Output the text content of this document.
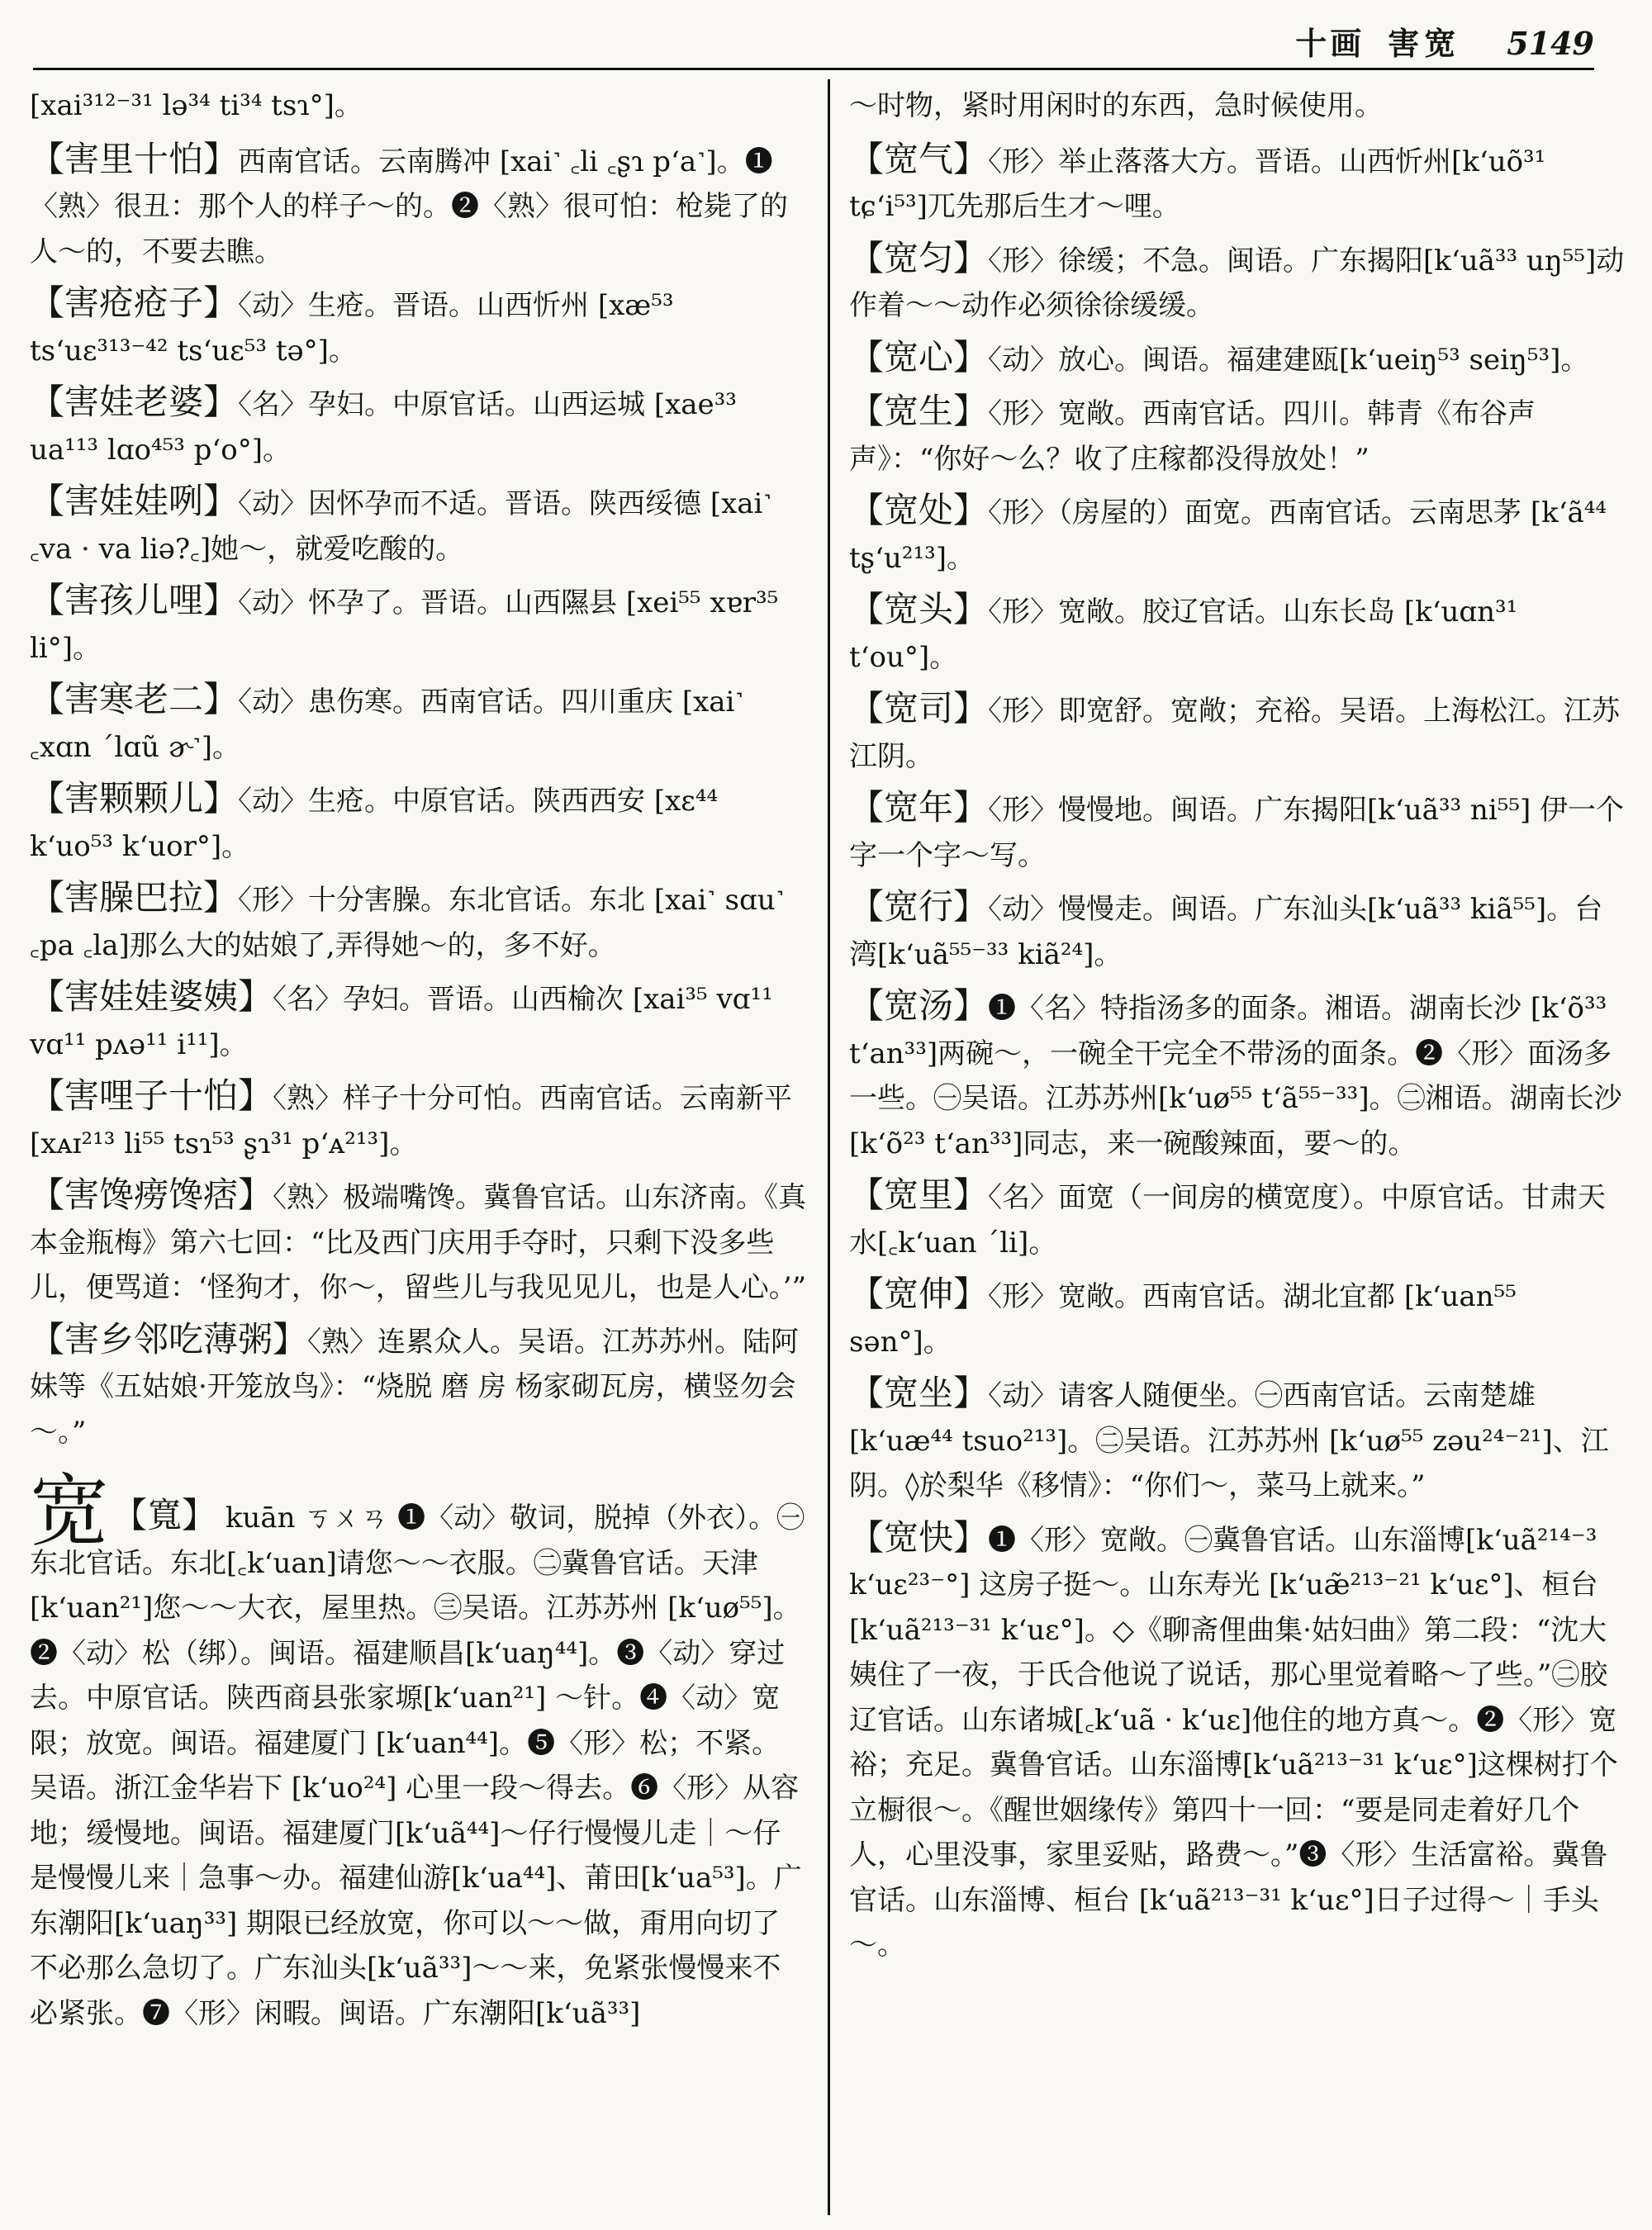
十画 害宽 5149
[xai³¹²⁻³¹ lə³⁴ ti³⁴ tsɿ°]。
【害里十怕】西南官话。云南腾冲 [xai˺ ꜀li ꜀ʂɿ p‘a˺]。❶〈熟〉很丑：那个人的样子～的。❷〈熟〉很可怕：枪毙了的人～的，不要去瞧。
【害疮疮子】〈动〉生疮。晋语。山西忻州 [xæ⁵³ ts‘uɛ³¹³⁻⁴² ts‘uɛ⁵³ tə°]。
【害娃老婆】〈名〉孕妇。中原官话。山西运城 [xae³³ ua¹¹³ lɑo⁴⁵³ p‘o°]。
【害娃娃咧】〈动〉因怀孕而不适。晋语。陕西绥德 [xai˺ ꜀va · va liə?꜀]她～，就爱吃酸的。
【害孩儿哩】〈动〉怀孕了。晋语。山西隰县 [xei⁵⁵ xɐr³⁵ li°]。
【害寒老二】〈动〉患伤寒。西南官话。四川重庆 [xai˺ ꜀xɑn ˊlɑũ ɚ˺]。
【害颗颗儿】〈动〉生疮。中原官话。陕西西安 [xɛ⁴⁴ k‘uo⁵³ k‘uor°]。
【害臊巴拉】〈形〉十分害臊。东北官话。东北 [xai˺ sɑu˺ ꜀pa ꜀la]那么大的姑娘了,弄得她～的，多不好。
【害娃娃婆姨】〈名〉孕妇。晋语。山西榆次 [xai³⁵ vɑ¹¹ vɑ¹¹ pʌə¹¹ i¹¹]。
【害哩子十怕】〈熟〉样子十分可怕。西南官话。云南新平[xᴀɪ²¹³ li⁵⁵ tsɿ⁵³ ʂɿ³¹ p‘ᴀ²¹³]。
【害馋痨馋痞】〈熟〉极端嘴馋。冀鲁官话。山东济南。《真本金瓶梅》第六七回：“比及西门庆用手夺时，只剩下没多些儿，便骂道：‘怪狗才，你～，留些儿与我见见儿，也是人心。’”
【害乡邻吃薄粥】〈熟〉连累众人。吴语。江苏苏州。陆阿妹等《五姑娘·开笼放鸟》：“烧脱 磨 房 杨家砌瓦房，横竖勿会～。”
宽【寬】 kuān ㄎㄨㄢ ❶〈动〉敬词，脱掉（外衣）。㊀东北官话。东北[꜀k‘uan]请您～～衣服。㊁冀鲁官话。天津[k‘uan²¹]您～～大衣，屋里热。㊂吴语。江苏苏州 [k‘uø⁵⁵]。❷〈动〉松（绑）。闽语。福建顺昌[k‘uaŋ⁴⁴]。❸〈动〉穿过去。中原官话。陕西商县张家塬[k‘uan²¹] ～针。❹〈动〉宽限；放宽。闽语。福建厦门 [k‘uan⁴⁴]。❺〈形〉松；不紧。吴语。浙江金华岩下 [k‘uo²⁴] 心里一段～得去。❻〈形〉从容地；缓慢地。闽语。福建厦门[k‘uã⁴⁴]～仔行慢慢儿走｜～仔是慢慢儿来｜急事～办。福建仙游[k‘ua⁴⁴]、莆田[k‘ua⁵³]。广东潮阳[k‘uaŋ³³] 期限已经放宽，你可以～～做，甭用向切了不必那么急切了。广东汕头[k‘uã³³]～～来，免紧张慢慢来不必紧张。❼〈形〉闲暇。闽语。广东潮阳[k‘uã³³]
～时物，紧时用闲时的东西，急时候使用。
【宽气】〈形〉举止落落大方。晋语。山西忻州[k‘uõ³¹ tɕ‘i⁵³]兀先那后生才～哩。
【宽匀】〈形〉徐缓；不急。闽语。广东揭阳[k‘uã³³ uŋ⁵⁵]动作着～～动作必须徐徐缓缓。
【宽心】〈动〉放心。闽语。福建建瓯[k‘ueiŋ⁵³ seiŋ⁵³]。
【宽生】〈形〉宽敞。西南官话。四川。韩青《布谷声声》：“你好～么？收了庄稼都没得放处！”
【宽处】〈形〉（房屋的）面宽。西南官话。云南思茅 [k‘ã⁴⁴ tʂ‘u²¹³]。
【宽头】〈形〉宽敞。胶辽官话。山东长岛 [k‘uɑn³¹ t‘ou°]。
【宽司】〈形〉即宽舒。宽敞；充裕。吴语。上海松江。江苏江阴。
【宽年】〈形〉慢慢地。闽语。广东揭阳[k‘uã³³ ni⁵⁵] 伊一个字一个字～写。
【宽行】〈动〉慢慢走。闽语。广东汕头[k‘uã³³ kiã⁵⁵]。台湾[k‘uã⁵⁵⁻³³ kiã²⁴]。
【宽汤】❶〈名〉特指汤多的面条。湘语。湖南长沙 [k‘õ³³ t‘an³³]两碗～，一碗全干完全不带汤的面条。❷〈形〉面汤多一些。㊀吴语。江苏苏州[k‘uø⁵⁵ t‘ã⁵⁵⁻³³]。㊁湘语。湖南长沙[k‘õ²³ t‘an³³]同志，来一碗酸辣面，要～的。
【宽里】〈名〉面宽（一间房的横宽度）。中原官话。甘肃天水[꜀k‘uan ˊli]。
【宽伸】〈形〉宽敞。西南官话。湖北宜都 [k‘uan⁵⁵ sən°]。
【宽坐】〈动〉请客人随便坐。㊀西南官话。云南楚雄 [k‘uæ⁴⁴ tsuo²¹³]。㊁吴语。江苏苏州 [k‘uø⁵⁵ zəu²⁴⁻²¹]、江阴。◊於梨华《移情》：“你们～，菜马上就来。”
【宽快】❶〈形〉宽敞。㊀冀鲁官话。山东淄博[k‘uã²¹⁴⁻³ k‘uɛ²³⁻°] 这房子挺～。山东寿光 [k‘uæ̃²¹³⁻²¹ k‘uɛ°]、桓台[k‘uã²¹³⁻³¹ k‘uɛ°]。◇《聊斋俚曲集·姑妇曲》第二段：“沈大姨住了一夜，于氏合他说了说话，那心里觉着略～了些。”㊁胶辽官话。山东诸城[꜀k‘uã · k‘uɛ]他住的地方真～。❷〈形〉宽裕；充足。冀鲁官话。山东淄博[k‘uã²¹³⁻³¹ k‘uɛ°]这棵树打个立橱很～。《醒世姻缘传》第四十一回：“要是同走着好几个人，心里没事，家里妥贴，路费～。”❸〈形〉生活富裕。冀鲁官话。山东淄博、桓台 [k‘uã²¹³⁻³¹ k‘uɛ°]日子过得～｜手头～。
